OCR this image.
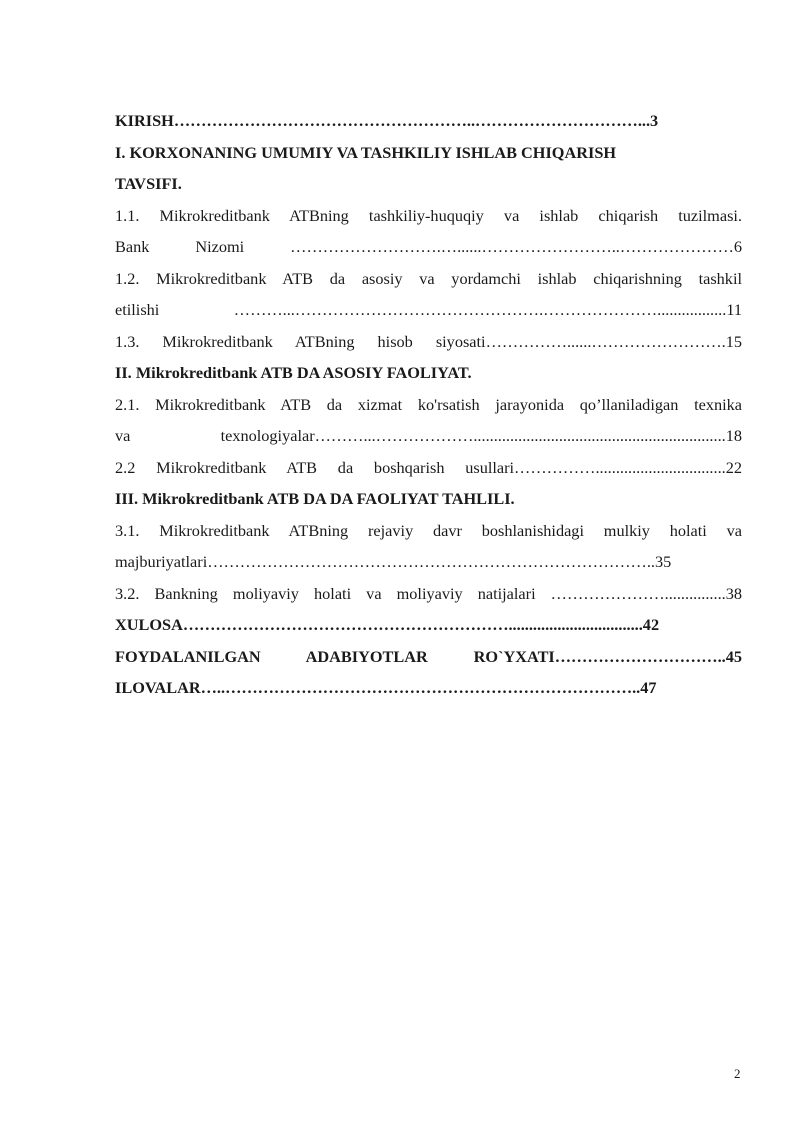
KIRISH………………………………………………..…………………………...3
I. KORXONANING UMUMIY VA TASHKILIY ISHLAB CHIQARISH
TAVSIFI.
1.1. Mikrokreditbank ATBning tashkiliy-huquqiy va ishlab chiqarish tuzilmasi.
Bank Nizomi ……………………….…......……………………..…………………6
1.2. Mikrokreditbank ATB da asosiy va yordamchi ishlab chiqarishning tashkil
etilishi ………...……………………………………….………………….................11
1.3. Mikrokreditbank ATBning hisob siyosati……………......…………………….15
II. Mikrokreditbank ATB DA ASOSIY FAOLIYAT.
2.1. Mikrokreditbank ATB da xizmat ko'rsatish jarayonida qo’llaniladigan texnika
va texnologiyalar………...………………..............................................................18
2.2 Mikrokreditbank ATB da boshqarish usullari……………................................22
III. Mikrokreditbank ATB DA DA FAOLIYAT TAHLILI.
3.1. Mikrokreditbank ATBning rejaviy davr boshlanishidagi mulkiy holati va
majburiyatlari………………………………………………………………………..35
3.2. Bankning moliyaviy holati va moliyaviy natijalari …………………...............38
XULOSA…………………………………………………….................................42
FOYDALANILGAN ADABIYOTLAR RO`YXATI…………………………..45
ILOVALAR…..…………………………………………………………………..47
2
